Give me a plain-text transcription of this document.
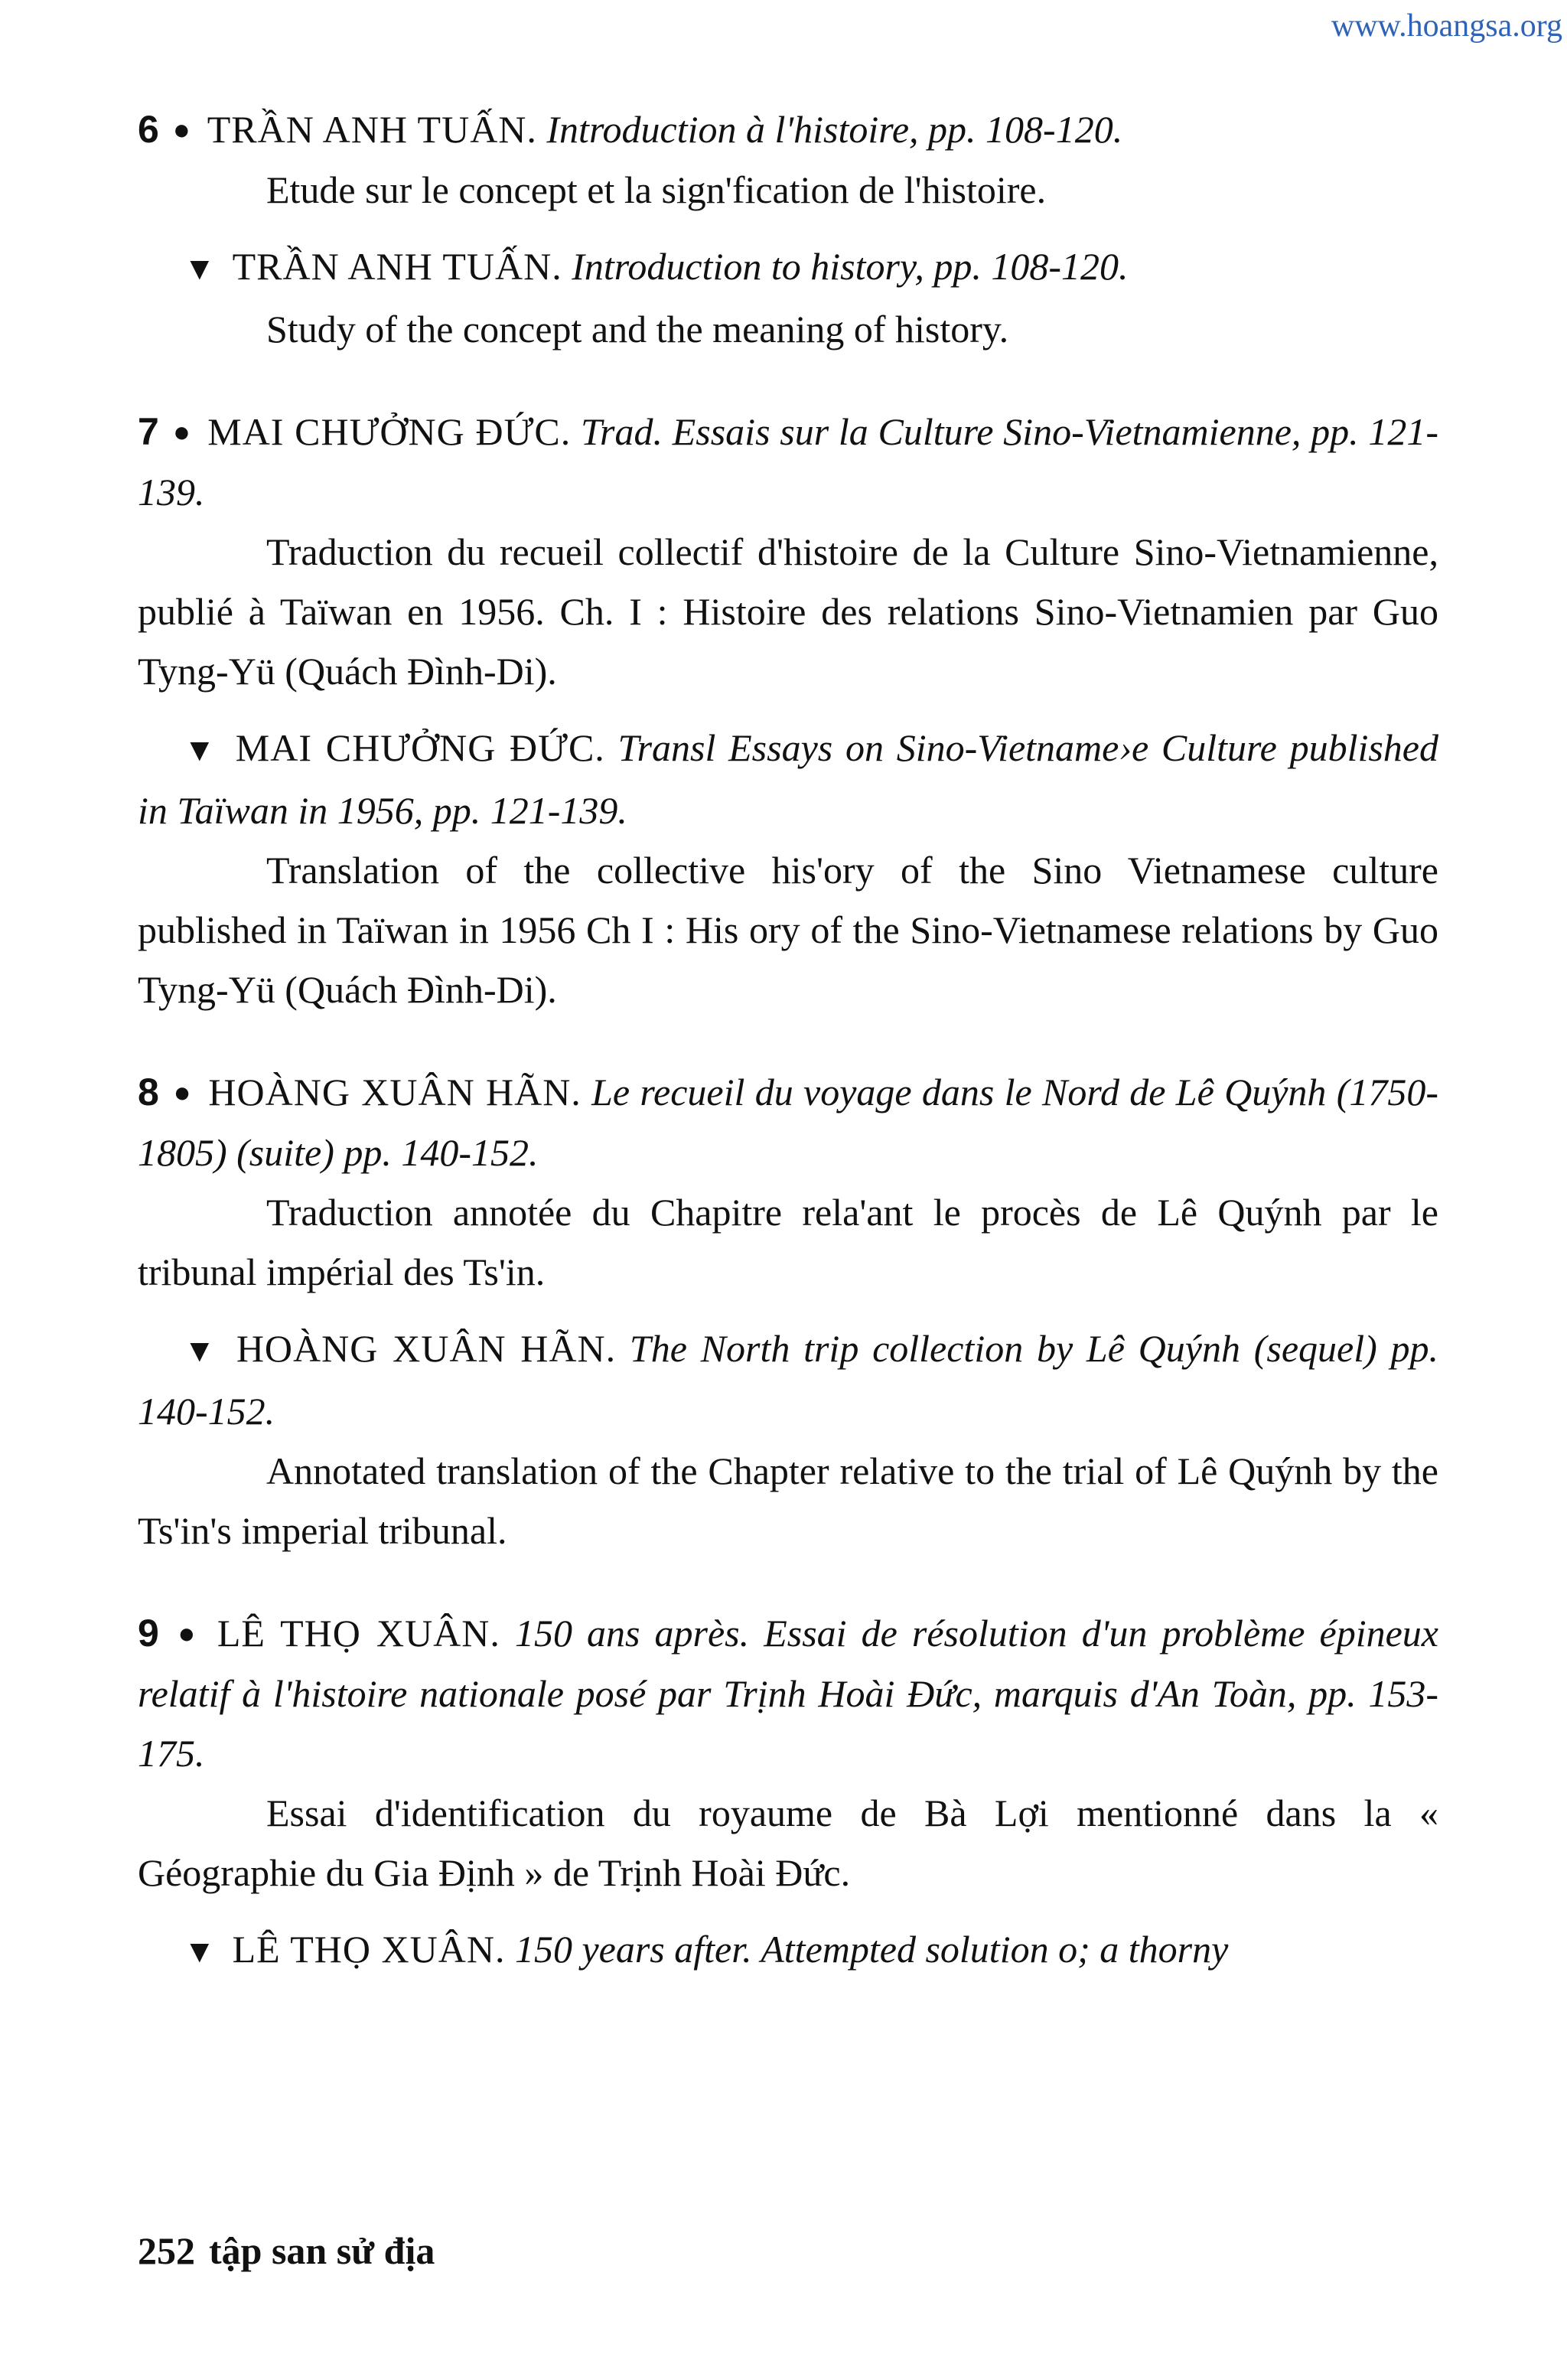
www.hoangsa.org

6 ● TRẦN ANH TUẤN. Introduction à l'histoire, pp. 108-120.

Etude sur le concept et la sign'fication de l'histoire.

▼ TRẦN ANH TUẤN. Introduction to history, pp. 108-120.

Study of the concept and the meaning of history.

7 ● MAI CHƯỞNG ĐỨC. Trad. Essais sur la Culture Sino-Vietnamienne, pp. 121-139.

Traduction du recueil collectif d'histoire de la Culture Sino-Vietnamienne, publié à Taïwan en 1956. Ch. I : Histoire des relations Sino-Vietnamien par Guo Tyng-Yü (Quách Đình-Di).

▼ MAI CHƯỞNG ĐỨC. Transl Essays on Sino-Vietname›e Culture published in Taïwan in 1956, pp. 121-139.

Translation of the collective his'ory of the Sino Vietnamese culture published in Taïwan in 1956 Ch I : His ory of the Sino-Vietnamese relations by Guo Tyng-Yü (Quách Đình-Di).

8 ● HOÀNG XUÂN HÃN. Le recueil du voyage dans le Nord de Lê Quýnh (1750-1805) (suite) pp. 140-152.

Traduction annotée du Chapitre rela'ant le procès de Lê Quýnh par le tribunal impérial des Ts'in.

▼ HOÀNG XUÂN HÃN. The North trip collection by Lê Quýnh (sequel) pp. 140-152.

Annotated translation of the Chapter relative to the trial of Lê Quýnh by the Ts'in's imperial tribunal.

9 ● LÊ THỌ XUÂN. 150 ans après. Essai de résolution d'un problème épineux relatif à l'histoire nationale posé par Trịnh Hoài Đức, marquis d'An Toàn, pp. 153-175.

Essai d'identification du royaume de Bà Lợi mentionné dans la « Géographie du Gia Định » de Trịnh Hoài Đức.

▼ LÊ THỌ XUÂN. 150 years after. Attempted solution o; a thorny

252 tập san sử địa
